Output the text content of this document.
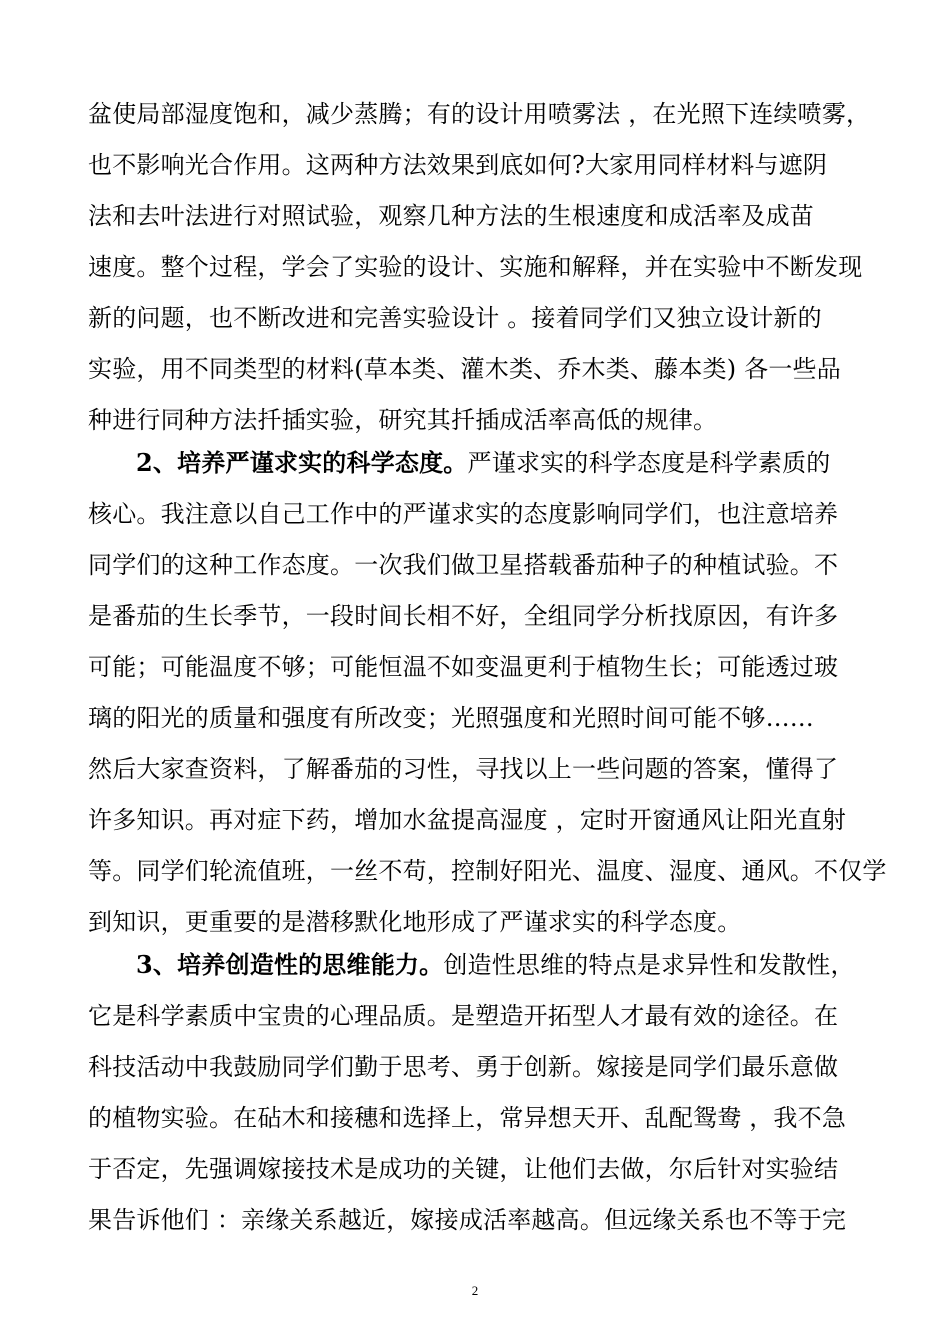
盆使局部湿度饱和，减少蒸腾；有的设计用喷雾法 ，在光照下连续喷雾，
也不影响光合作用。这两种方法效果到底如何?大家用同样材料与遮阴
法和去叶法进行对照试验，观察几种方法的生根速度和成活率及成苗
速度。整个过程，学会了实验的设计、实施和解释，并在实验中不断发现
新的问题，也不断改进和完善实验设计 。接着同学们又独立设计新的
实验，用不同类型的材料(草本类、灌木类、乔木类、藤本类) 各一些品
种进行同种方法扦插实验，研究其扦插成活率高低的规律。
2、培养严谨求实的科学态度。严谨求实的科学态度是科学素质的
核心。我注意以自己工作中的严谨求实的态度影响同学们，也注意培养
同学们的这种工作态度。一次我们做卫星搭载番茄种子的种植试验。不
是番茄的生长季节，一段时间长相不好，全组同学分析找原因，有许多
可能；可能温度不够；可能恒温不如变温更利于植物生长；可能透过玻
璃的阳光的质量和强度有所改变；光照强度和光照时间可能不够……
然后大家查资料，了解番茄的习性，寻找以上一些问题的答案，懂得了
许多知识。再对症下药，增加水盆提高湿度 ，定时开窗通风让阳光直射
等。同学们轮流值班，一丝不苟，控制好阳光、温度、湿度、通风。不仅学
到知识，更重要的是潜移默化地形成了严谨求实的科学态度。
3、培养创造性的思维能力。创造性思维的特点是求异性和发散性，
它是科学素质中宝贵的心理品质。是塑造开拓型人才最有效的途径。在
科技活动中我鼓励同学们勤于思考、勇于创新。嫁接是同学们最乐意做
的植物实验。在砧木和接穗和选择上，常异想天开、乱配鸳鸯 ，我不急
于否定，先强调嫁接技术是成功的关键，让他们去做，尔后针对实验结
果告诉他们 ：亲缘关系越近，嫁接成活率越高。但远缘关系也不等于完
2
